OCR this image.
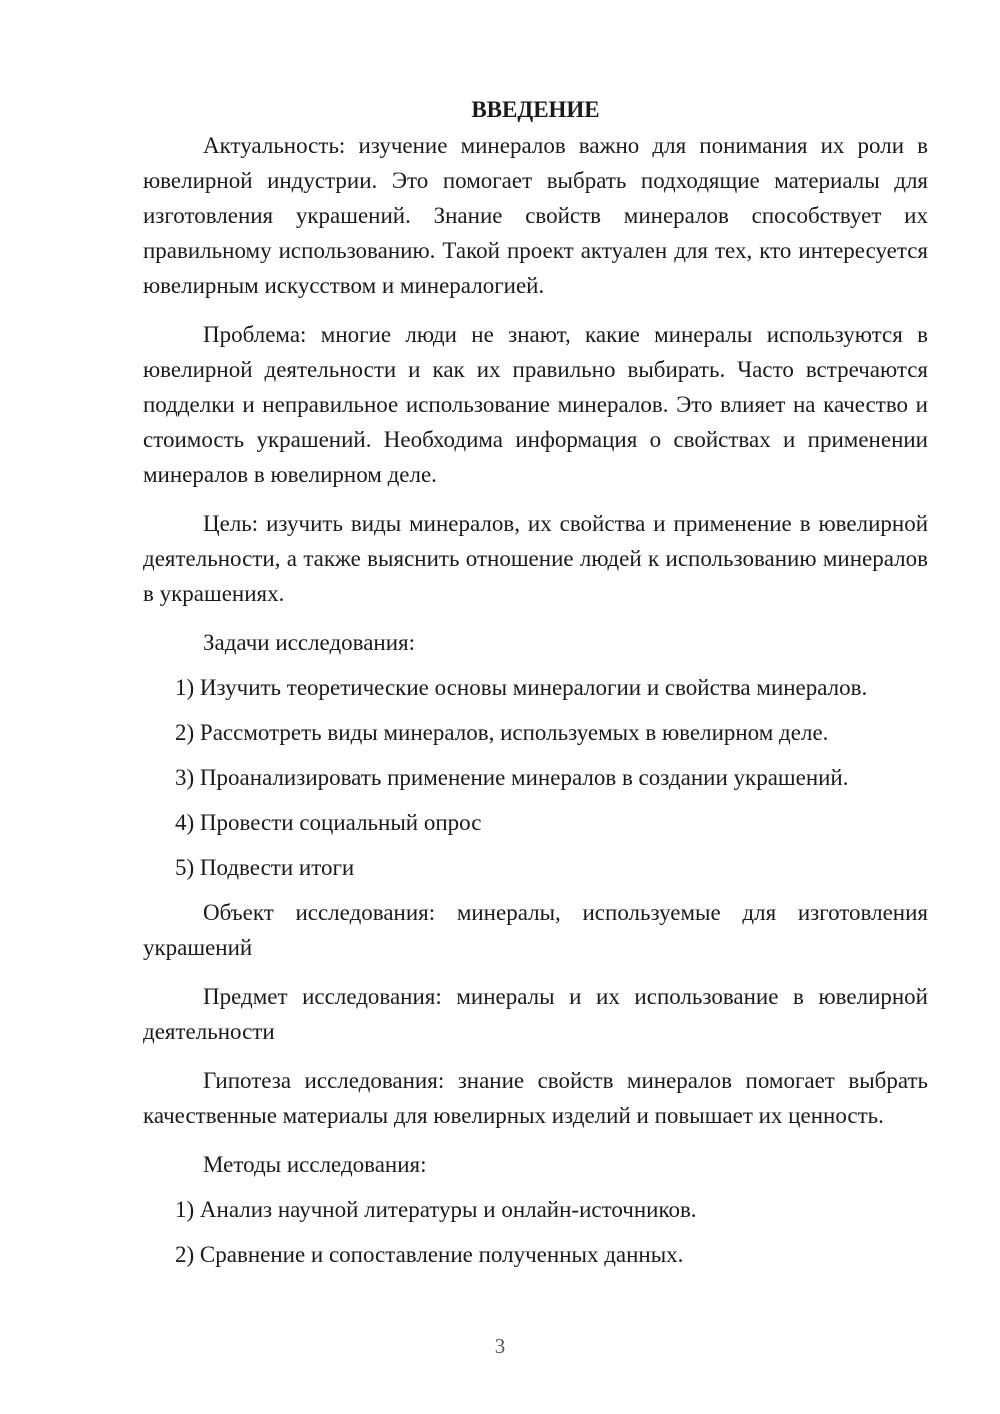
ВВЕДЕНИЕ

Актуальность: изучение минералов важно для понимания их роли в ювелирной индустрии. Это помогает выбрать подходящие материалы для изготовления украшений. Знание свойств минералов способствует их правильному использованию. Такой проект актуален для тех, кто интересуется ювелирным искусством и минералогией.

Проблема: многие люди не знают, какие минералы используются в ювелирной деятельности и как их правильно выбирать. Часто встречаются подделки и неправильное использование минералов. Это влияет на качество и стоимость украшений. Необходима информация о свойствах и применении минералов в ювелирном деле.

Цель: изучить виды минералов, их свойства и применение в ювелирной деятельности, а также выяснить отношение людей к использованию минералов в украшениях.

Задачи исследования:
1) Изучить теоретические основы минералогии и свойства минералов.
2) Рассмотреть виды минералов, используемых в ювелирном деле.
3) Проанализировать применение минералов в создании украшений.
4) Провести социальный опрос
5) Подвести итоги

Объект исследования: минералы, используемые для изготовления украшений

Предмет исследования: минералы и их использование в ювелирной деятельности

Гипотеза исследования: знание свойств минералов помогает выбрать качественные материалы для ювелирных изделий и повышает их ценность.

Методы исследования:
1) Анализ научной литературы и онлайн-источников.
2) Сравнение и сопоставление полученных данных.
3
